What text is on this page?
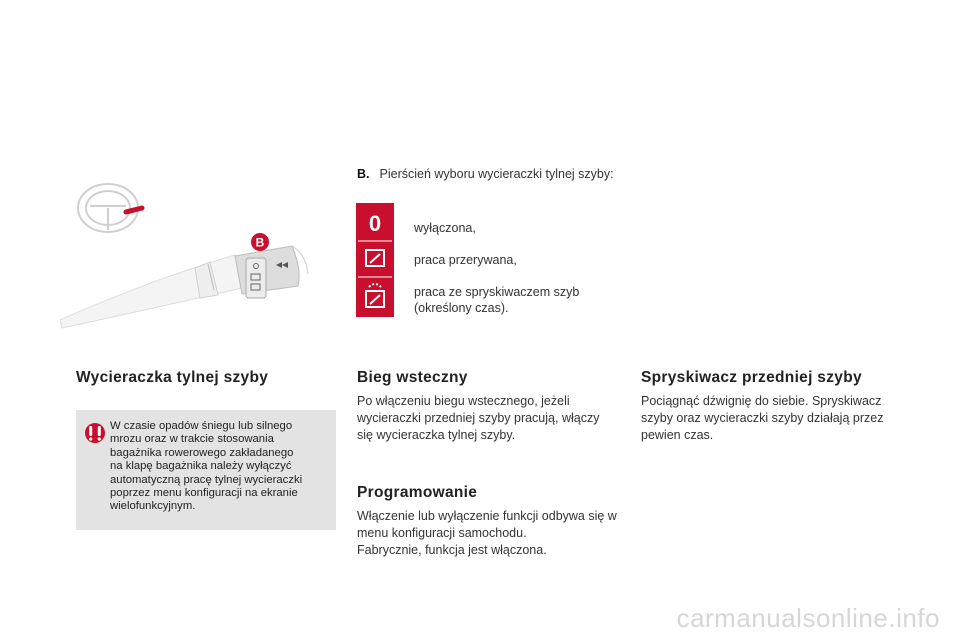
B
B. Pierścień wyboru wycieraczki tylnej szyby:
0	wyłączona,
praca przerywana,
praca ze spryskiwaczem szyb
(określony czas).
Wycieraczka tylnej szyby
W czasie opadów śniegu lub silnego
mrozu oraz w trakcie stosowania
bagażnika rowerowego zakładanego
na klapę bagażnika należy wyłączyć
automatyczną pracę tylnej wycieraczki
poprzez menu konfiguracji na ekranie
wielofunkcyjnym.
Bieg wsteczny
Po włączeniu biegu wstecznego, jeżeli
wycieraczki przedniej szyby pracują, włączy
się wycieraczka tylnej szyby.
Programowanie
Włączenie lub wyłączenie funkcji odbywa się w
menu konfiguracji samochodu.
Fabrycznie, funkcja jest włączona.
Spryskiwacz przedniej szyby
Pociągnąć dźwignię do siebie. Spryskiwacz
szyby oraz wycieraczki szyby działają przez
pewien czas.
carmanualsonline.info
